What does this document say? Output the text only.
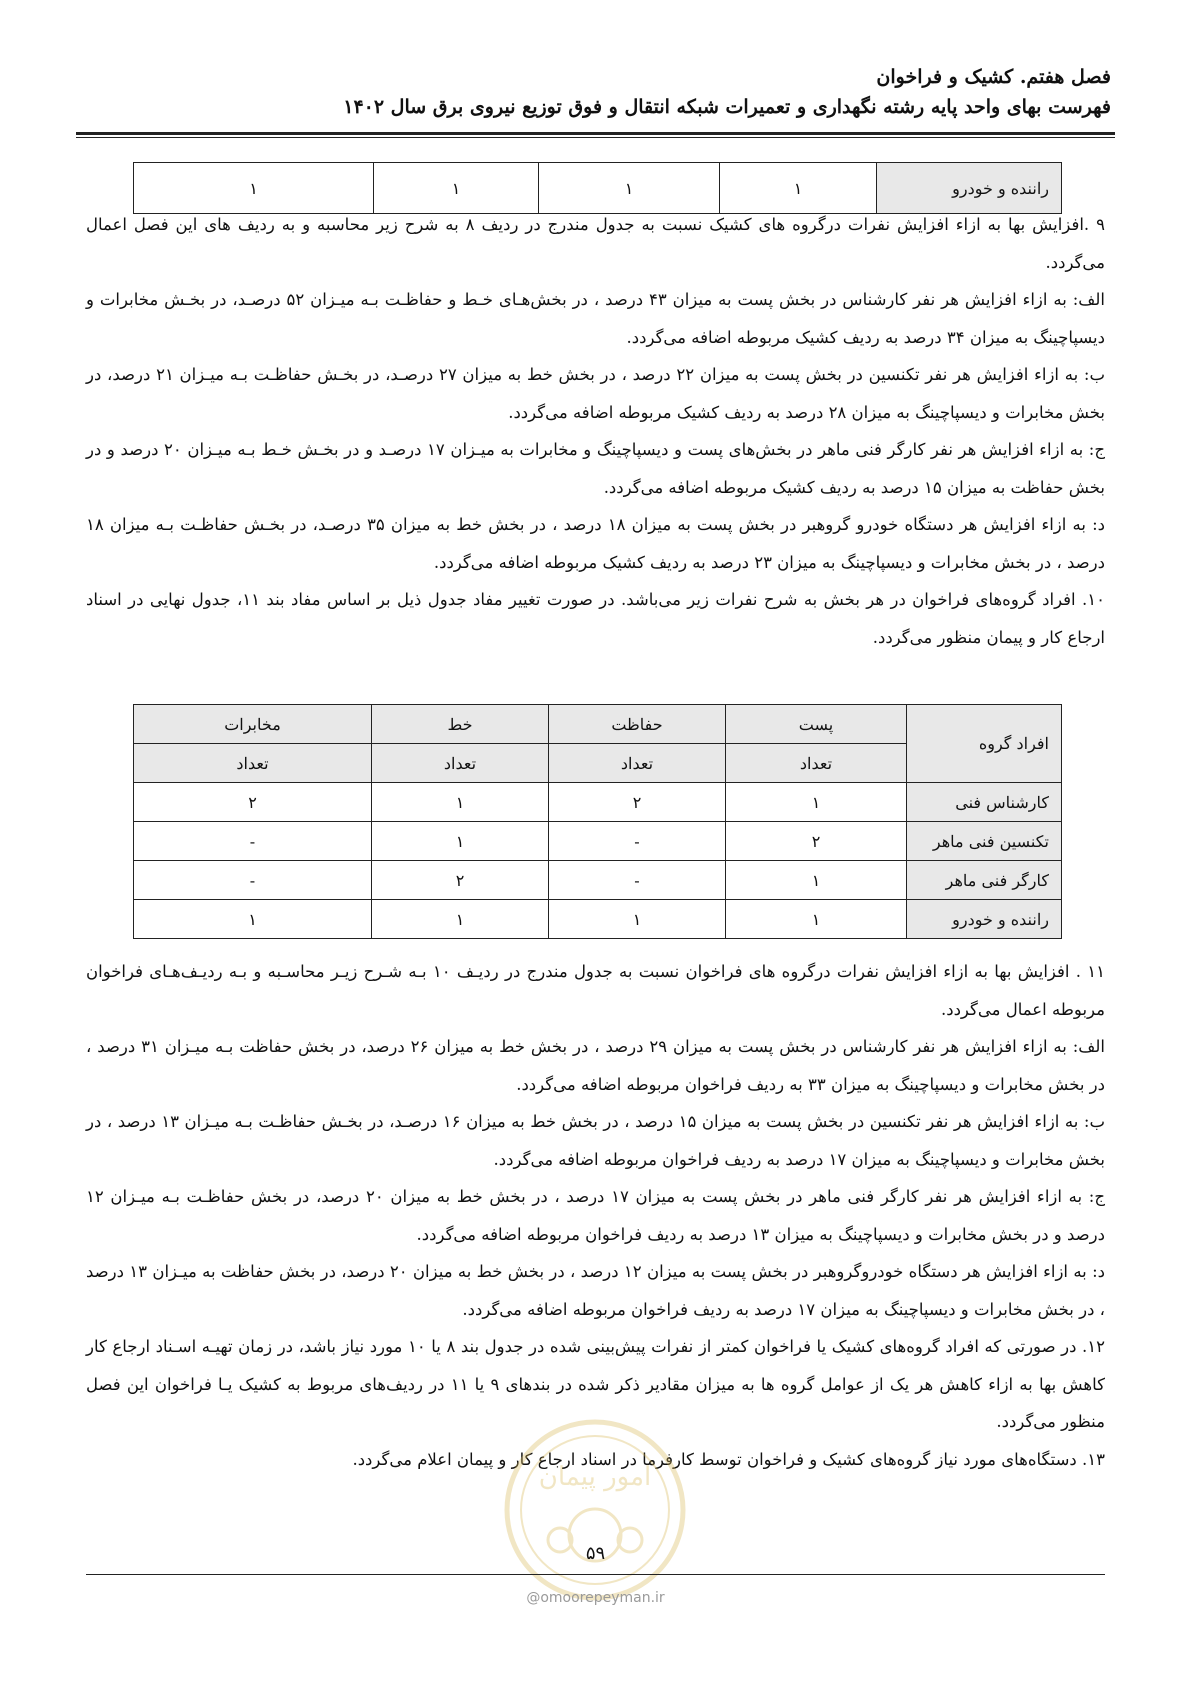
فصل هفتم. کشیک و فراخوان
فهرست بهای واحد پایه رشته نگهداری و تعمیرات شبکه انتقال و فوق توزیع نیروی برق سال ۱۴۰۲
راننده و خودرو	۱	۱	۱	۱

۹ .افزایش بها به ازاء افزایش نفرات درگروه های کشیک نسبت به جدول مندرج در ردیف ۸ به شرح زیر محاسبه و به ردیف های این فصل اعمال می‌گردد.

الف: به ازاء افزایش هر نفر کارشناس در بخش پست به میزان ۴۳ درصد ، در بخش‌هـای خـط و حفاظـت بـه میـزان ۵۲ درصـد، در بخـش مخابرات و دیسپاچینگ به میزان ۳۴ درصد به ردیف کشیک مربوطه اضافه می‌گردد.

ب: به ازاء افزایش هر نفر تکنسین در بخش پست به میزان ۲۲ درصد ، در بخش خط به میزان ۲۷ درصـد، در بخـش حفاظـت بـه میـزان ۲۱ درصد، در بخش مخابرات و دیسپاچینگ به میزان ۲۸ درصد به ردیف کشیک مربوطه اضافه می‌گردد.

ج: به ازاء افزایش هر نفر کارگر فنی ماهر در بخش‌های پست و دیسپاچینگ و مخابرات به میـزان ۱۷ درصـد و در بخـش خـط بـه میـزان ۲۰ درصد و در بخش حفاظت به میزان ۱۵ درصد به ردیف کشیک مربوطه اضافه می‌گردد.

د: به ازاء افزایش هر دستگاه خودرو گروهبر در بخش پست به میزان ۱۸ درصد ، در بخش خط به میزان ۳۵ درصـد، در بخـش حفاظـت بـه میزان ۱۸ درصد ، در بخش مخابرات و دیسپاچینگ به میزان ۲۳ درصد به ردیف کشیک مربوطه اضافه می‌گردد.

۱۰. افراد گروه‌های فراخوان در هر بخش به شرح نفرات زیر می‌باشد. در صورت تغییر مفاد جدول ذیل بر اساس مفاد بند ۱۱، جدول نهایی در اسناد ارجاع کار و پیمان منظور می‌گردد.

افراد گروه	پست	حفاظت	خط	مخابرات
	تعداد	تعداد	تعداد	تعداد
کارشناس فنی	۱	۲	۱	۲
تکنسین فنی ماهر	۲	-	۱	-
کارگر فنی ماهر	۱	-	۲	-
راننده و خودرو	۱	۱	۱	۱

۱۱ . افزایش بها به ازاء افزایش نفرات درگروه های فراخوان نسبت به جدول مندرج در ردیـف ۱۰ بـه شـرح زیـر محاسـبه و بـه ردیـف‌هـای فراخوان مربوطه اعمال می‌گردد.

الف: به ازاء افزایش هر نفر کارشناس در بخش پست به میزان ۲۹ درصد ، در بخش خط به میزان ۲۶ درصد، در بخش حفاظت بـه میـزان ۳۱ درصد ، در بخش مخابرات و دیسپاچینگ به میزان ۳۳ به ردیف فراخوان مربوطه اضافه می‌گردد.

ب: به ازاء افزایش هر نفر تکنسین در بخش پست به میزان ۱۵ درصد ، در بخش خط به میزان ۱۶ درصـد، در بخـش حفاظـت بـه میـزان ۱۳ درصد ، در بخش مخابرات و دیسپاچینگ به میزان ۱۷ درصد به ردیف فراخوان مربوطه اضافه می‌گردد.

ج: به ازاء افزایش هر نفر کارگر فنی ماهر در بخش پست به میزان ۱۷ درصد ، در بخش خط به میزان ۲۰ درصد، در بخش حفاظـت بـه میـزان ۱۲ درصد و در بخش مخابرات و دیسپاچینگ به میزان ۱۳ درصد به ردیف فراخوان مربوطه اضافه می‌گردد.

د: به ازاء افزایش هر دستگاه خودروگروهبر در بخش پست به میزان ۱۲ درصد ، در بخش خط به میزان ۲۰ درصد، در بخش حفاظت به میـزان ۱۳ درصد ، در بخش مخابرات و دیسپاچینگ به میزان ۱۷ درصد به ردیف فراخوان مربوطه اضافه می‌گردد.

۱۲. در صورتی که افراد گروه‌های کشیک یا فراخوان کمتر از نفرات پیش‌بینی شده در جدول بند ۸ یا ۱۰ مورد نیاز باشد، در زمان تهیـه اسـناد ارجاع کار کاهش بها به ازاء کاهش هر یک از عوامل گروه ها به میزان مقادیر ذکر شده در بندهای ۹ یا ۱۱ در ردیف‌های مربوط به کشیک یـا فراخوان این فصل منظور می‌گردد.

۱۳. دستگاه‌های مورد نیاز گروه‌های کشیک و فراخوان توسط کارفرما در اسناد ارجاع کار و پیمان اعلام می‌گردد.

امور پیمان
۵۹
@omoorepeyman.ir
